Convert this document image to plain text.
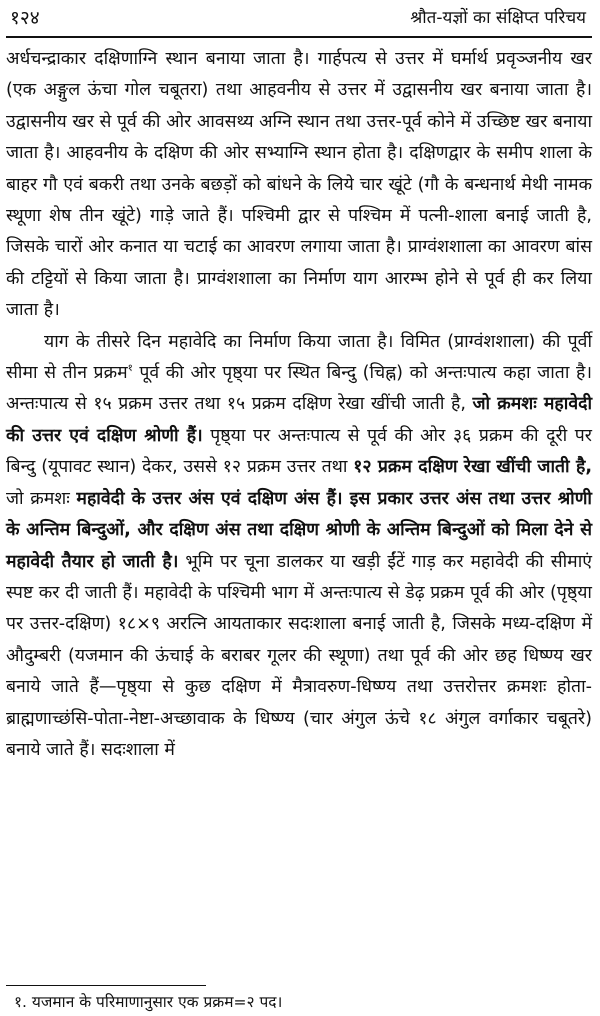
१२४	श्रौत-यज्ञों का संक्षिप्त परिचय

अर्धचन्द्राकार दक्षिणाग्नि स्थान बनाया जाता है। गार्हपत्य से उत्तर में घर्मार्थ प्रवृञ्जनीय खर (एक अङ्गुल ऊंचा गोल चबूतरा) तथा आहवनीय से उत्तर में उद्वासनीय खर बनाया जाता है। उद्वासनीय खर से पूर्व की ओर आवसथ्य अग्नि स्थान तथा उत्तर-पूर्व कोने में उच्छिष्ट खर बनाया जाता है। आहवनीय के दक्षिण की ओर सभ्याग्नि स्थान होता है। दक्षिणद्वार के समीप शाला के बाहर गौ एवं बकरी तथा उनके बछड़ों को बांधने के लिये चार खूंटे (गौ के बन्धनार्थ मेथी नामक स्थूणा शेष तीन खूंटे) गाड़े जाते हैं। पश्चिमी द्वार से पश्चिम में पत्नी-शाला बनाई जाती है, जिसके चारों ओर कनात या चटाई का आवरण लगाया जाता है। प्राग्वंशशाला का आवरण बांस की टट्टियों से किया जाता है। प्राग्वंशशाला का निर्माण याग आरम्भ होने से पूर्व ही कर लिया जाता है।

याग के तीसरे दिन महावेदि का निर्माण किया जाता है। विमित (प्राग्वंशशाला) की पूर्वी सीमा से तीन प्रक्रम$^१$ पूर्व की ओर पृष्ठ्या पर स्थित बिन्दु (चिह्न) को अन्तःपात्य कहा जाता है। अन्तःपात्य से १५ प्रक्रम उत्तर तथा १५ प्रक्रम दक्षिण रेखा खींची जाती है, जो क्रमशः महावेदी की उत्तर एवं दक्षिण श्रोणी हैं। पृष्ठ्या पर अन्तःपात्य से पूर्व की ओर ३६ प्रक्रम की दूरी पर बिन्दु (यूपावट स्थान) देकर, उससे १२ प्रक्रम उत्तर तथा १२ प्रक्रम दक्षिण रेखा खींची जाती है, जो क्रमशः महावेदी के उत्तर अंस एवं दक्षिण अंस हैं। इस प्रकार उत्तर अंस तथा उत्तर श्रोणी के अन्तिम बिन्दुओं, और दक्षिण अंस तथा दक्षिण श्रोणी के अन्तिम बिन्दुओं को मिला देने से महावेदी तैयार हो जाती है। भूमि पर चूना डालकर या खड़ी ईंटें गाड़ कर महावेदी की सीमाएं स्पष्ट कर दी जाती हैं। महावेदी के पश्चिमी भाग में अन्तःपात्य से डेढ़ प्रक्रम पूर्व की ओर (पृष्ठ्या पर उत्तर-दक्षिण) १८×९ अरत्नि आयताकार सदःशाला बनाई जाती है, जिसके मध्य-दक्षिण में औदुम्बरी (यजमान की ऊंचाई के बराबर गूलर की स्थूणा) तथा पूर्व की ओर छह धिष्ण्य खर बनाये जाते हैं—पृष्ठ्या से कुछ दक्षिण में मैत्रावरुण-धिष्ण्य तथा उत्तरोत्तर क्रमशः होता-ब्राह्मणाच्छंसि-पोता-नेष्टा-अच्छावाक के धिष्ण्य (चार अंगुल ऊंचे १८ अंगुल वर्गाकार चबूतरे) बनाये जाते हैं। सदःशाला में

१. यजमान के परिमाणानुसार एक प्रक्रम=२ पद।
